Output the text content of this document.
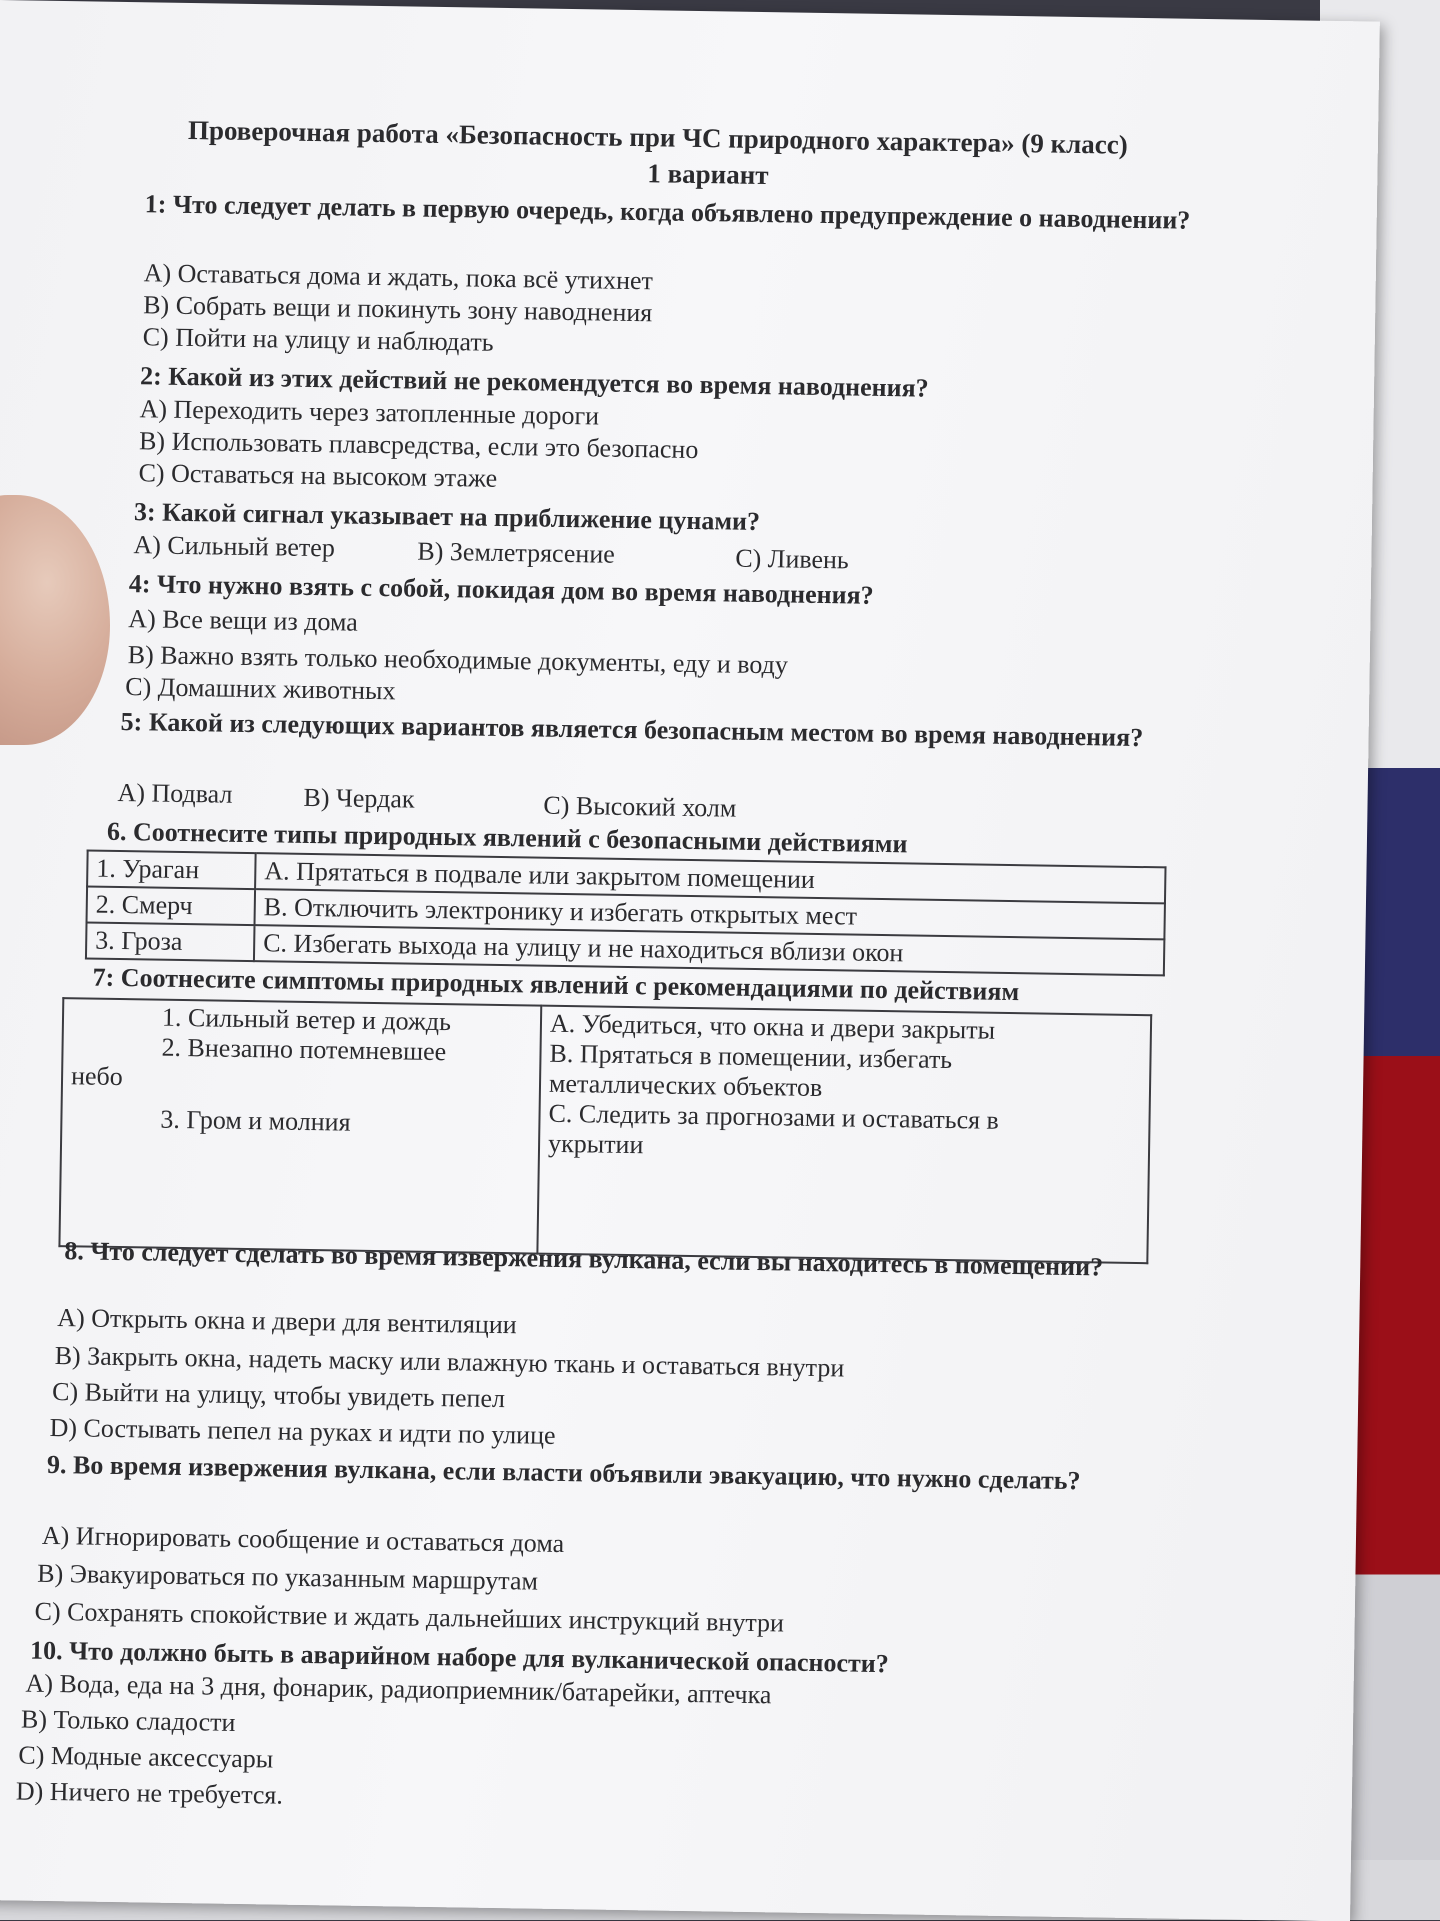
Проверочная работа «Безопасность при ЧС природного характера» (9 класс)
1 вариант
1: Что следует делать в первую очередь, когда объявлено предупреждение о наводнении?
A) Оставаться дома и ждать, пока всё утихнет
B) Собрать вещи и покинуть зону наводнения
C) Пойти на улицу и наблюдать
2: Какой из этих действий не рекомендуется во время наводнения?
A) Переходить через затопленные дороги
B) Использовать плавсредства, если это безопасно
C) Оставаться на высоком этаже
3: Какой сигнал указывает на приближение цунами?
A) Сильный ветер	B) Землетрясение	C) Ливень
4: Что нужно взять с собой, покидая дом во время наводнения?
A) Все вещи из дома
B) Важно взять только необходимые документы, еду и воду
C) Домашних животных
5: Какой из следующих вариантов является безопасным местом во время наводнения?
A) Подвал	B) Чердак	C) Высокий холм
6. Соотнесите типы природных явлений с безопасными действиями
1. Ураган	A. Прятаться в подвале или закрытом помещении
2. Смерч	B. Отключить электронику и избегать открытых мест
3. Гроза	C. Избегать выхода на улицу и не находиться вблизи окон
7: Соотнесите симптомы природных явлений с рекомендациями по действиям
1. Сильный ветер и дождь
2. Внезапно потемневшее
небо
3. Гром и молния

A. Убедиться, что окна и двери закрыты
B. Прятаться в помещении, избегать
металлических объектов
C. Следить за прогнозами и оставаться в
укрытии
8. Что следует сделать во время извержения вулкана, если вы находитесь в помещении?
A) Открыть окна и двери для вентиляции
B) Закрыть окна, надеть маску или влажную ткань и оставаться внутри
C) Выйти на улицу, чтобы увидеть пепел
D) Состывать пепел на руках и идти по улице
9. Во время извержения вулкана, если власти объявили эвакуацию, что нужно сделать?
A) Игнорировать сообщение и оставаться дома
B) Эвакуироваться по указанным маршрутам
C) Сохранять спокойствие и ждать дальнейших инструкций внутри
10. Что должно быть в аварийном наборе для вулканической опасности?
A) Вода, еда на 3 дня, фонарик, радиоприемник/батарейки, аптечка
B) Только сладости
C) Модные аксессуары
D) Ничего не требуется.
